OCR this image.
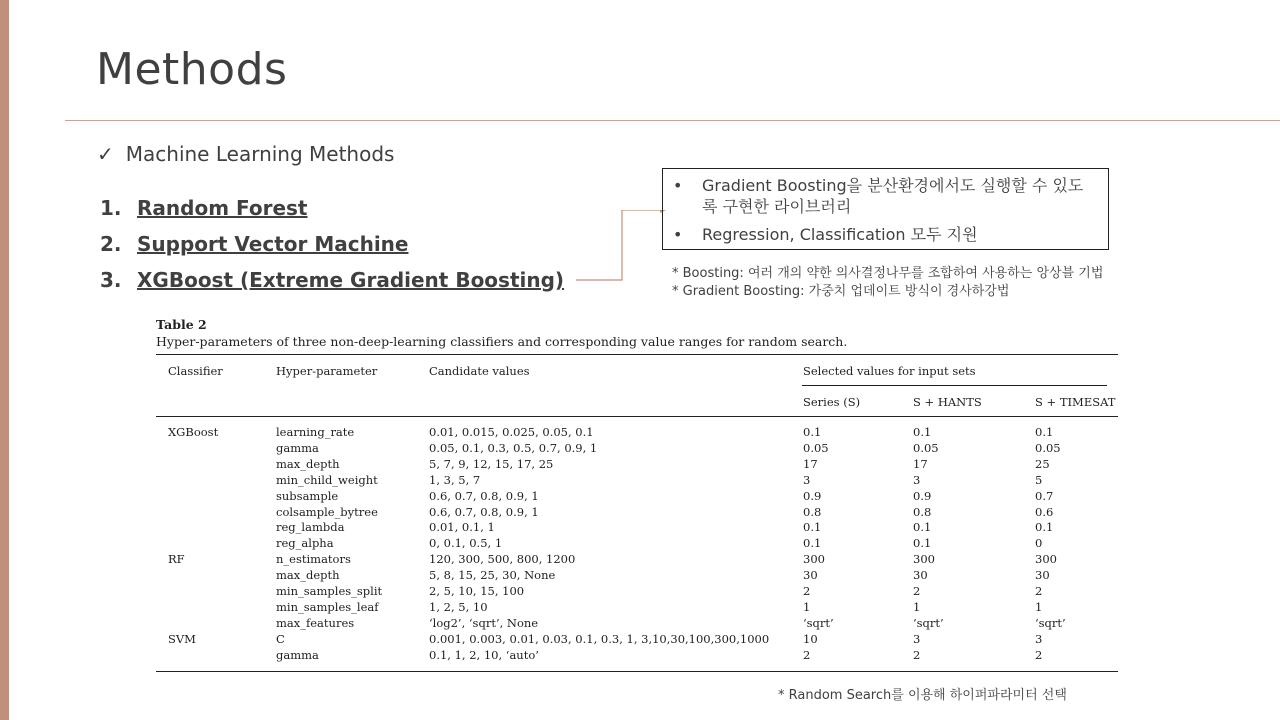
Methods
✓ Machine Learning Methods
1. Random Forest
2. Support Vector Machine
3. XGBoost (Extreme Gradient Boosting)
• Gradient Boosting을 분산환경에서도 실행할 수 있도록 구현한 라이브러리
• Regression, Classification 모두 지원
* Boosting: 여러 개의 약한 의사결정나무를 조합하여 사용하는 앙상블 기법
* Gradient Boosting: 가중치 업데이트 방식이 경사하강법
Table 2
Hyper-parameters of three non-deep-learning classifiers and corresponding value ranges for random search.
Classifier	Hyper-parameter	Candidate values	Selected values for input sets
Series (S)	S + HANTS	S + TIMESAT
XGBoost	learning_rate	0.01, 0.015, 0.025, 0.05, 0.1	0.1	0.1	0.1
gamma	0.05, 0.1, 0.3, 0.5, 0.7, 0.9, 1	0.05	0.05	0.05
max_depth	5, 7, 9, 12, 15, 17, 25	17	17	25
min_child_weight	1, 3, 5, 7	3	3	5
subsample	0.6, 0.7, 0.8, 0.9, 1	0.9	0.9	0.7
colsample_bytree	0.6, 0.7, 0.8, 0.9, 1	0.8	0.8	0.6
reg_lambda	0.01, 0.1, 1	0.1	0.1	0.1
reg_alpha	0, 0.1, 0.5, 1	0.1	0.1	0
RF	n_estimators	120, 300, 500, 800, 1200	300	300	300
max_depth	5, 8, 15, 25, 30, None	30	30	30
min_samples_split	2, 5, 10, 15, 100	2	2	2
min_samples_leaf	1, 2, 5, 10	1	1	1
max_features	‘log2’, ‘sqrt’, None	‘sqrt’	‘sqrt’	‘sqrt’
SVM	C	0.001, 0.003, 0.01, 0.03, 0.1, 0.3, 1, 3,10,30,100,300,1000	10	3	3
gamma	0.1, 1, 2, 10, ‘auto’	2	2	2
* Random Search를 이용해 하이퍼파라미터 선택
